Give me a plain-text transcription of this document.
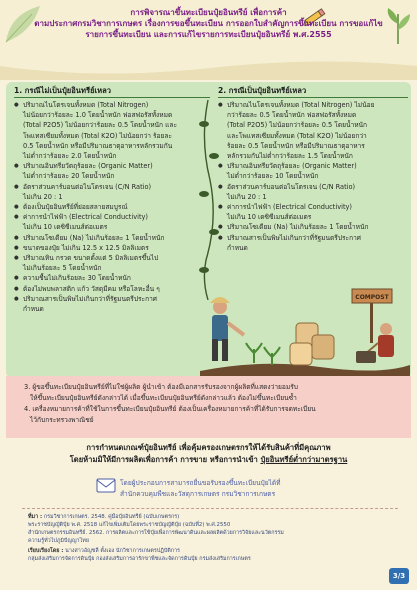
การพิจารณาขึ้นทะเบียนปุ๋ยอินทรีย์ เพื่อการค้า
ตามประกาศกรมวิชาการเกษตร เรื่องการขอขึ้นทะเบียน การออกใบสำคัญการขึ้นทะเบียน การขอแก้ไข
รายการขึ้นทะเบียน และการแก้ไขรายการทะเบียนปุ๋ยอินทรีย์ พ.ศ.2555
1. กรณีไม่เป็นปุ๋ยอินทรีย์เหลว
● ปริมาณไนโตรเจนทั้งหมด (Total Nitrogen)
ไม่น้อยกว่าร้อยละ 1.0 โดยน้ำหนัก ฟอสฟอรัสทั้งหมด
(Total P2O5) ไม่น้อยกว่าร้อยละ 0.5 โดยน้ำหนัก และ
โพแทสเซียมทั้งหมด (Total K2O) ไม่น้อยกว่า ร้อยละ
0.5 โดยน้ำหนัก หรือมีปริมาณธาตุอาหารหลักรวมกัน
ไม่ต่ำกว่าร้อยละ 2.0 โดยน้ำหนัก
● ปริมาณอินทรียวัตถุร้อยละ (Organic Matter)
ไม่ต่ำกว่าร้อยละ 20 โดยน้ำหนัก
● อัตราส่วนคาร์บอนต่อไนโตรเจน (C/N Ratio)
ไม่เกิน 20 : 1
● ต้องเป็นปุ๋ยอินทรีย์ที่ย่อยสลายสมบูรณ์
● ค่าการนำไฟฟ้า (Electrical Conductivity)
ไม่เกิน 10 เดซิซีเมนส์ต่อเมตร
● ปริมาณโซเดียม (Na) ไม่เกินร้อยละ 1 โดยน้ำหนัก
● ขนาดของปุ๋ย ไม่เกิน 12.5 x 12.5 มิลลิเมตร
● ปริมาณหิน กรวด ขนาดตั้งแต่ 5 มิลลิเมตรขึ้นไป
ไม่เกินร้อยละ 5 โดยน้ำหนัก
● ความชื้นไม่เกินร้อยละ 30 โดยน้ำหนัก
● ต้องไม่พบพลาสติก แก้ว วัสดุมีคม หรือโลหะอื่น ๆ
● ปริมาณสารเป็นพิษไม่เกินกว่าที่รัฐมนตรีประกาศ
กำหนด
2. กรณีเป็นปุ๋ยอินทรีย์เหลว
● ปริมาณไนโตรเจนทั้งหมด (Total Nitrogen) ไม่น้อย
กว่าร้อยละ 0.5 โดยน้ำหนัก ฟอสฟอรัสทั้งหมด
(Total P2O5) ไม่น้อยกว่าร้อยละ 0.5 โดยน้ำหนัก
และโพแทสเซียมทั้งหมด (Total K2O) ไม่น้อยกว่า
ร้อยละ 0.5 โดยน้ำหนัก หรือมีปริมาณธาตุอาหาร
หลักรวมกันไม่ต่ำกว่าร้อยละ 1.5 โดยน้ำหนัก
● ปริมาณอินทรียวัตถุร้อยละ (Organic Matter)
ไม่ต่ำกว่าร้อยละ 10 โดยน้ำหนัก
● อัตราส่วนคาร์บอนต่อไนโตรเจน (C/N Ratio)
ไม่เกิน 20 : 1
● ค่าการนำไฟฟ้า (Electrical Conductivity)
ไม่เกิน 10 เดซิซีเมนส์ต่อเมตร
● ปริมาณโซเดียม (Na) ไม่เกินร้อยละ 1 โดยน้ำหนัก
● ปริมาณสารเป็นพิษไม่เกินกว่าที่รัฐมนตรีประกาศ
กำหนด
COMPOST
3. ผู้ขอขึ้นทะเบียนปุ๋ยอินทรีย์ที่ไม่ใช่ผู้ผลิต ผู้นำเข้า ต้องมีเอกสารรับรองจากผู้ผลิตที่แสดงว่ายอมรับ
ให้ขึ้นทะเบียนปุ๋ยอินทรีย์ดังกล่าวได้ เมื่อขึ้นทะเบียนปุ๋ยอินทรีย์ดังกล่าวแล้ว ต้องไม่ขึ้นทะเบียนซ้ำ
4. เครื่องหมายการค้าที่ใช้ในการขึ้นทะเบียนปุ๋ยอินทรีย์ ต้องเป็นเครื่องหมายการค้าที่ได้รับการจดทะเบียน
ไว้กับกระทรวงพาณิชย์
การกำหนดเกณฑ์ปุ๋ยอินทรีย์ เพื่อคุ้มครองเกษตรกรให้ได้รับสินค้าที่มีคุณภาพ
โดยห้ามมิให้มีการผลิตเพื่อการค้า การขาย หรือการนำเข้า ปุ๋ยอินทรีย์ต่ำกว่ามาตรฐาน
โดยผู้ประกอบการสามารถยื่นขอรับรองขึ้นทะเบียนปุ๋ยได้ที่
สำนักควบคุมพืชและวัสดุการเกษตร กรมวิชาการเกษตร
ที่มา : กรมวิชาการเกษตร. 2548. คู่มือปุ๋ยอินทรีย์ (ฉบับเกษตรกร)
พระราชบัญญัติปุ๋ย พ.ศ. 2518 แก้ไขเพิ่มเติมโดยพระราชบัญญัติปุ๋ย (ฉบับที่2) พ.ศ.2550
สำนักเกษตรกรรมอินทรีย์. 2562. การผลิตและการใช้ปุ๋ยเพื่อการพัฒนาดินและผลผลิตด้วยการวิจัยและนวัตกรรม
ความรู้ทั่วไปภูมิปัญญาไทย
เรียบเรียงโดย : นางสาวอัญชลี ตั้งเอง นักวิชาการเกษตรปฏิบัติการ
กลุ่มส่งเสริมการจัดการดินปุ๋ย กองส่งเสริมการอารักขาพืชและจัดการดินปุ๋ย กรมส่งเสริมการเกษตร
3/3
